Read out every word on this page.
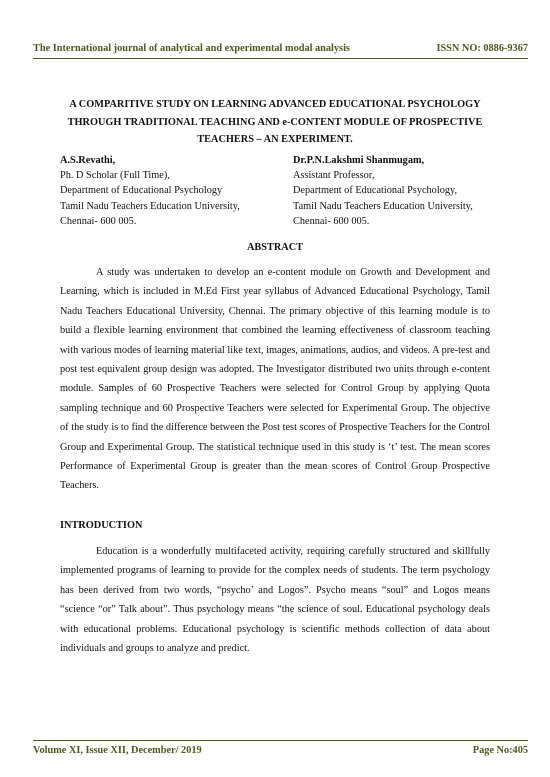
The International journal of analytical and experimental modal analysis	ISSN NO: 0886-9367
A COMPARITIVE STUDY ON LEARNING ADVANCED EDUCATIONAL PSYCHOLOGY THROUGH TRADITIONAL TEACHING AND e-CONTENT MODULE OF PROSPECTIVE TEACHERS – AN EXPERIMENT.
A.S.Revathi,
Ph. D Scholar (Full Time),
Department of Educational Psychology
Tamil Nadu Teachers Education University,
Chennai- 600 005.
Dr.P.N.Lakshmi Shanmugam,
Assistant Professor,
Department of Educational Psychology,
Tamil Nadu Teachers Education University,
Chennai- 600 005.
ABSTRACT

A study was undertaken to develop an e-content module on Growth and Development and Learning, which is included in M.Ed First year syllabus of Advanced Educational Psychology, Tamil Nadu Teachers Educational University, Chennai. The primary objective of this learning module is to build a flexible learning environment that combined the learning effectiveness of classroom teaching with various modes of learning material like text, images, animations, audios, and videos. A pre-test and post test equivalent group design was adopted. The Investigator distributed two units through e-content module. Samples of 60 Prospective Teachers were selected for Control Group by applying Quota sampling technique and 60 Prospective Teachers were selected for Experimental Group. The objective of the study is to find the difference between the Post test scores of Prospective Teachers for the Control Group and Experimental Group. The statistical technique used in this study is ‘t’ test. The mean scores Performance of Experimental Group is greater than the mean scores of Control Group Prospective Teachers.

INTRODUCTION

Education is a wonderfully multifaceted activity, requiring carefully structured and skillfully implemented programs of learning to provide for the complex needs of students. The term psychology has been derived from two words, “psycho’ and Logos”. Psycho means “soul” and Logos means “science “or” Talk about”. Thus psychology means “the science of soul. Educational psychology deals with educational problems. Educational psychology is scientific methods collection of data about individuals and groups to analyze and predict.

Volume XI, Issue XII, December/ 2019	Page No:405
